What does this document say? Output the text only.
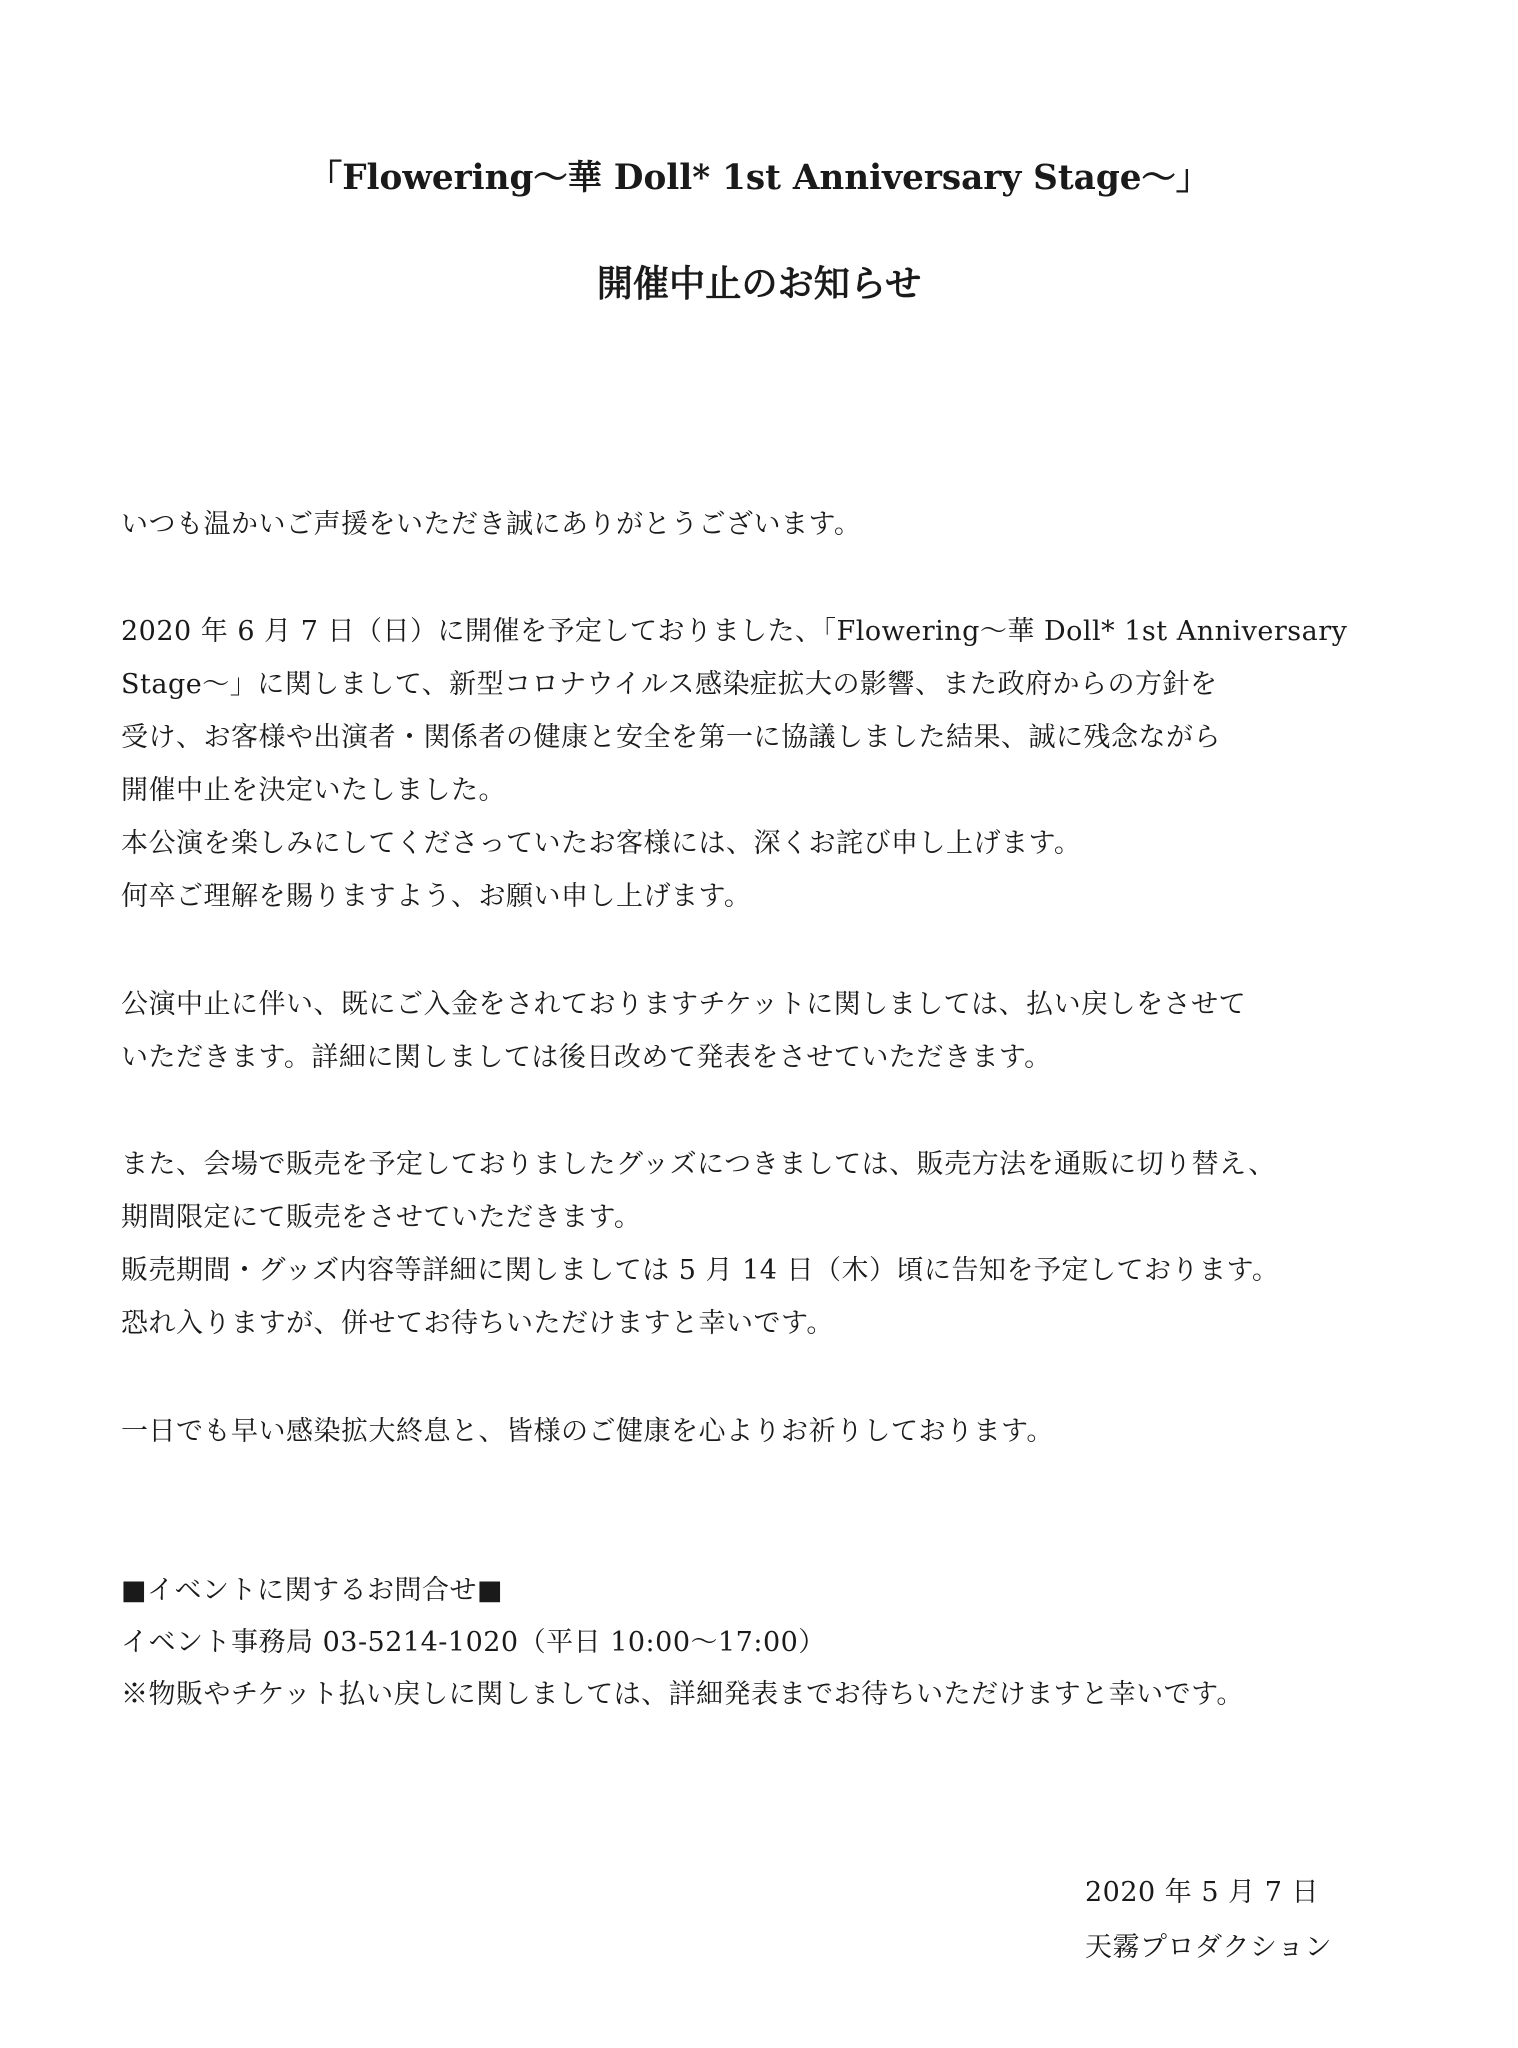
「Flowering～華 Doll* 1st Anniversary Stage～」
開催中止のお知らせ
いつも温かいご声援をいただき誠にありがとうございます。
2020 年 6 月 7 日（日）に開催を予定しておりました、「Flowering～華 Doll* 1st Anniversary
Stage～」に関しまして、新型コロナウイルス感染症拡大の影響、また政府からの方針を
受け、お客様や出演者・関係者の健康と安全を第一に協議しました結果、誠に残念ながら
開催中止を決定いたしました。
本公演を楽しみにしてくださっていたお客様には、深くお詫び申し上げます。
何卒ご理解を賜りますよう、お願い申し上げます。
公演中止に伴い、既にご入金をされておりますチケットに関しましては、払い戻しをさせて
いただきます。詳細に関しましては後日改めて発表をさせていただきます。
また、会場で販売を予定しておりましたグッズにつきましては、販売方法を通販に切り替え、
期間限定にて販売をさせていただきます。
販売期間・グッズ内容等詳細に関しましては 5 月 14 日（木）頃に告知を予定しております。
恐れ入りますが、併せてお待ちいただけますと幸いです。
一日でも早い感染拡大終息と、皆様のご健康を心よりお祈りしております。
■イベントに関するお問合せ■
イベント事務局 03-5214-1020（平日 10:00～17:00）
※物販やチケット払い戻しに関しましては、詳細発表までお待ちいただけますと幸いです。
2020 年 5 月 7 日
天霧プロダクション
